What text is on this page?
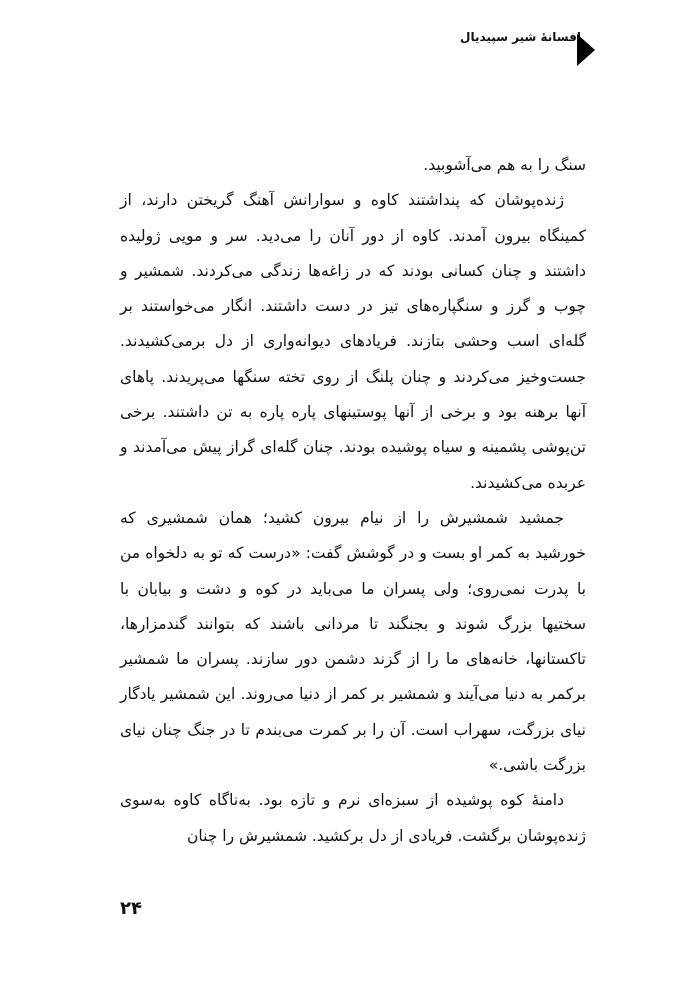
افسانهٔ شیر سپیدیال

سنگ را به هم می‌آشوبید.

ژنده‌پوشان که پنداشتند کاوه و سوارانش آهنگ گریختن دارند، از کمینگاه بیرون آمدند. کاوه از دور آنان را می‌دید. سر و مویی ژولیده داشتند و چنان کسانی بودند که در زاغه‌ها زندگی می‌کردند. شمشیر و چوب و گرز و سنگپاره‌های تیز در دست داشتند. انگار می‌خواستند بر گله‌ای اسب وحشی بتازند. فریادهای دیوانه‌واری از دل برمی‌کشیدند. جست‌وخیز می‌کردند و چنان پلنگ از روی تخته سنگها می‌پریدند. پاهای آنها برهنه بود و برخی از آنها پوستینهای پاره پاره به تن داشتند. برخی تن‌پوشی پشمینه و سیاه پوشیده بودند. چنان گله‌ای گراز پیش می‌آمدند و عربده می‌کشیدند.

جمشید شمشیرش را از نیام بیرون کشید؛ همان شمشیری که خورشید به کمر او بست و در گوشش گفت: «درست که تو به دلخواه من با پدرت نمی‌روی؛ ولی پسران ما می‌باید در کوه و دشت و بیابان با سختیها بزرگ شوند و بجنگند تا مردانی باشند که بتوانند گندمزارها، تاکستانها، خانه‌های ما را از گزند دشمن دور سازند. پسران ما شمشیر برکمر به دنیا می‌آیند و شمشیر بر کمر از دنیا می‌روند. این شمشیر یادگار نیای بزرگت، سهراب است. آن را بر کمرت می‌بندم تا در جنگ چنان نیای بزرگت باشی.»

دامنهٔ کوه پوشیده از سبزه‌ای نرم و تازه بود. به‌ناگاه کاوه به‌سوی ژنده‌پوشان برگشت. فریادی از دل برکشید. شمشیرش را چنان

۲۴
